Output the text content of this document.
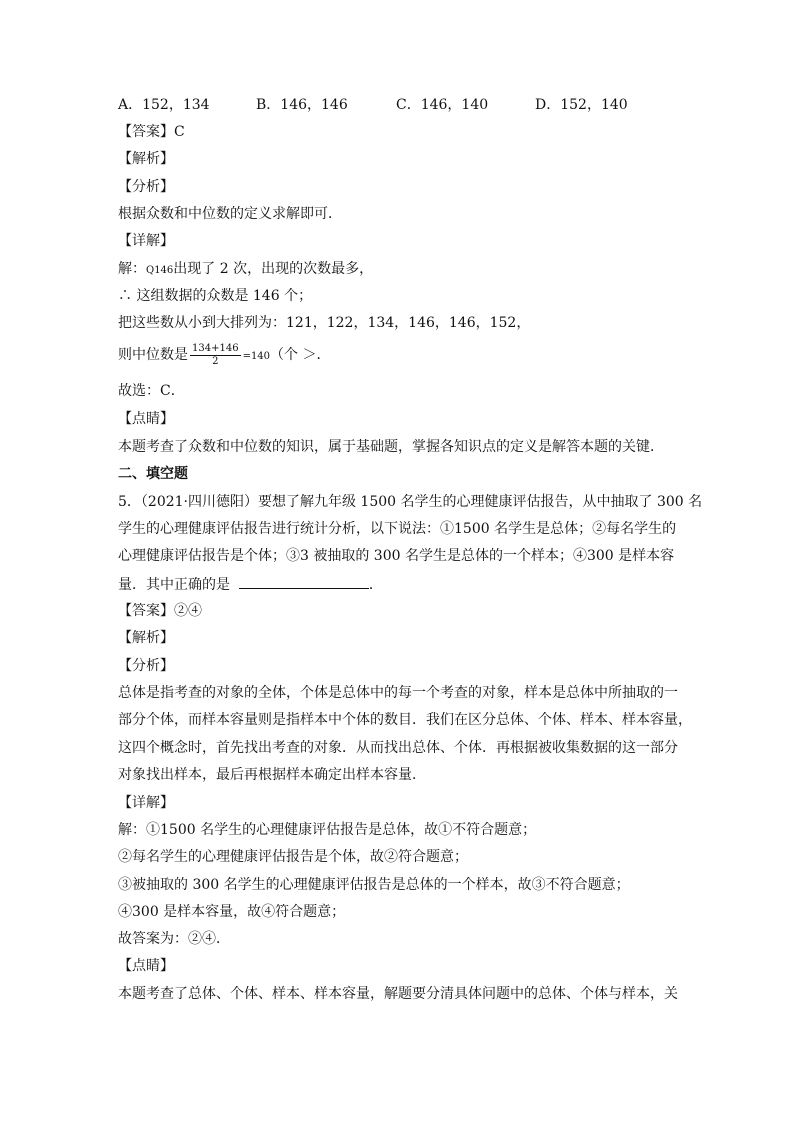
A．152，134	B．146，146	C．146，140	D．152，140
【答案】C
【解析】
【分析】
根据众数和中位数的定义求解即可．
【详解】
解：Q146出现了 2 次，出现的次数最多，
∴ 这组数据的众数是 146 个；
把这些数从小到大排列为：121，122，134，146，146，152，
则中位数是 $\frac{134+146}{2} =140$（个 ＞．
故选：C．
【点睛】
本题考查了众数和中位数的知识，属于基础题，掌握各知识点的定义是解答本题的关键．
二、填空题
5．（2021·四川德阳）要想了解九年级 1500 名学生的心理健康评估报告，从中抽取了 300 名
学生的心理健康评估报告进行统计分析，以下说法：①1500 名学生是总体；②每名学生的
心理健康评估报告是个体；③3 被抽取的 300 名学生是总体的一个样本；④300 是样本容
量．其中正确的是	．
【答案】②④
【解析】
【分析】
总体是指考查的对象的全体，个体是总体中的每一个考查的对象，样本是总体中所抽取的一
部分个体，而样本容量则是指样本中个体的数目．我们在区分总体、个体、样本、样本容量，
这四个概念时，首先找出考查的对象．从而找出总体、个体．再根据被收集数据的这一部分
对象找出样本，最后再根据样本确定出样本容量．
【详解】
解：①1500 名学生的心理健康评估报告是总体，故①不符合题意；
②每名学生的心理健康评估报告是个体，故②符合题意；
③被抽取的 300 名学生的心理健康评估报告是总体的一个样本，故③不符合题意；
④300 是样本容量，故④符合题意；
故答案为：②④．
【点睛】
本题考查了总体、个体、样本、样本容量，解题要分清具体问题中的总体、个体与样本，关
